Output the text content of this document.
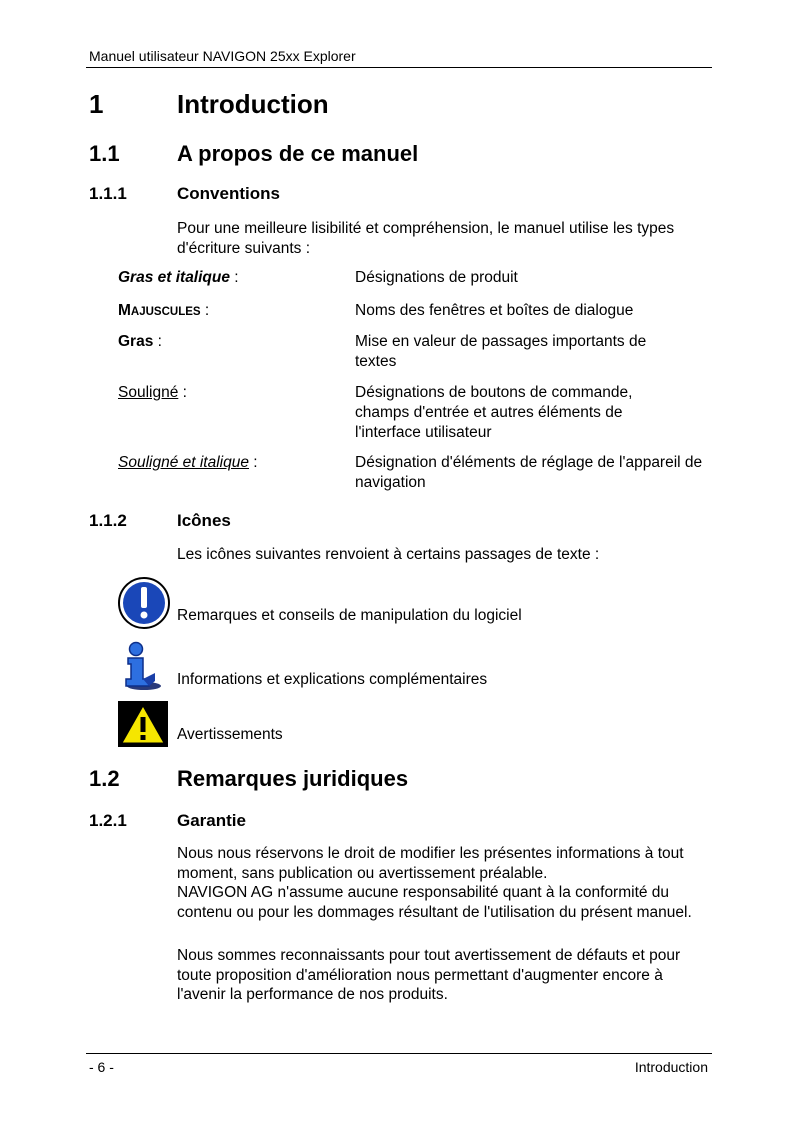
Manuel utilisateur NAVIGON 25xx Explorer
1	Introduction
1.1	A propos de ce manuel
1.1.1	Conventions
Pour une meilleure lisibilité et compréhension, le manuel utilise les types d'écriture suivants :
Gras et italique :	Désignations de produit
MAJUSCULES :	Noms des fenêtres et boîtes de dialogue
Gras :	Mise en valeur de passages importants de textes
Souligné :	Désignations de boutons de commande, champs d'entrée et autres éléments de l'interface utilisateur
Souligné et italique :	Désignation d'éléments de réglage de l'appareil de navigation
1.1.2	Icônes
Les icônes suivantes renvoient à certains passages de texte :
Remarques et conseils de manipulation du logiciel
Informations et explications complémentaires
Avertissements
1.2	Remarques juridiques
1.2.1	Garantie
Nous nous réservons le droit de modifier les présentes informations à tout moment, sans publication ou avertissement préalable.
NAVIGON AG n'assume aucune responsabilité quant à la conformité du contenu ou pour les dommages résultant de l'utilisation du présent manuel.
Nous sommes reconnaissants pour tout avertissement de défauts et pour toute proposition d'amélioration nous permettant d'augmenter encore à l'avenir la performance de nos produits.
- 6 -	Introduction
